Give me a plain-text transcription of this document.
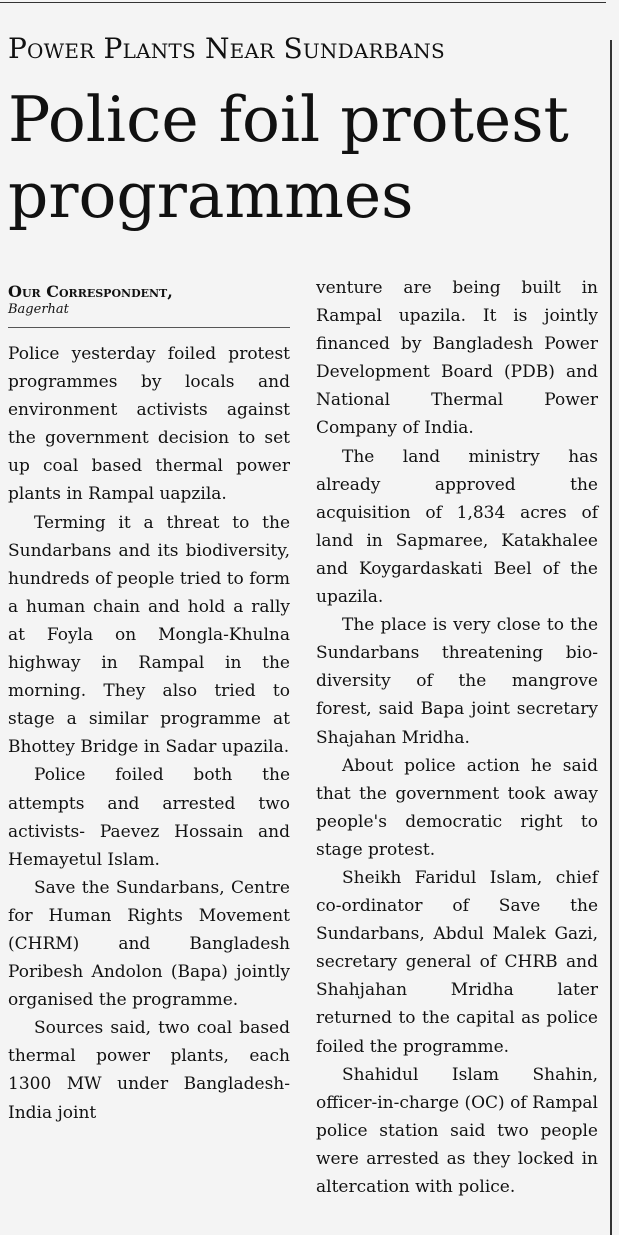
Power Plants Near Sundarbans
Police foil protest programmes
Our Correspondent,
Bagerhat

Police yesterday foiled protest programmes by locals and environment activists against the government decision to set up coal based thermal power plants in Rampal uapzila.

Terming it a threat to the Sundarbans and its biodiversity, hundreds of people tried to form a human chain and hold a rally at Foyla on Mongla-Khulna highway in Rampal in the morning. They also tried to stage a similar programme at Bhottey Bridge in Sadar upazila.

Police foiled both the attempts and arrested two activists- Paevez Hossain and Hemayetul Islam.

Save the Sundarbans, Centre for Human Rights Movement (CHRM) and Bangladesh Poribesh Andolon (Bapa) jointly organised the programme.

Sources said, two coal based thermal power plants, each 1300 MW under Bangladesh-India joint

venture are being built in Rampal upazila. It is jointly financed by Bangladesh Power Development Board (PDB) and National Thermal Power Company of India.

The land ministry has already approved the acquisition of 1,834 acres of land in Sapmaree, Katakhalee and Koygardaskati Beel of the upazila.

The place is very close to the Sundarbans threatening bio-diversity of the mangrove forest, said Bapa joint secretary Shajahan Mridha.

About police action he said that the government took away people's democratic right to stage protest.

Sheikh Faridul Islam, chief co-ordinator of Save the Sundarbans, Abdul Malek Gazi, secretary general of CHRB and Shahjahan Mridha later returned to the capital as police foiled the programme.

Shahidul Islam Shahin, officer-in-charge (OC) of Rampal police station said two people were arrested as they locked in altercation with police.
